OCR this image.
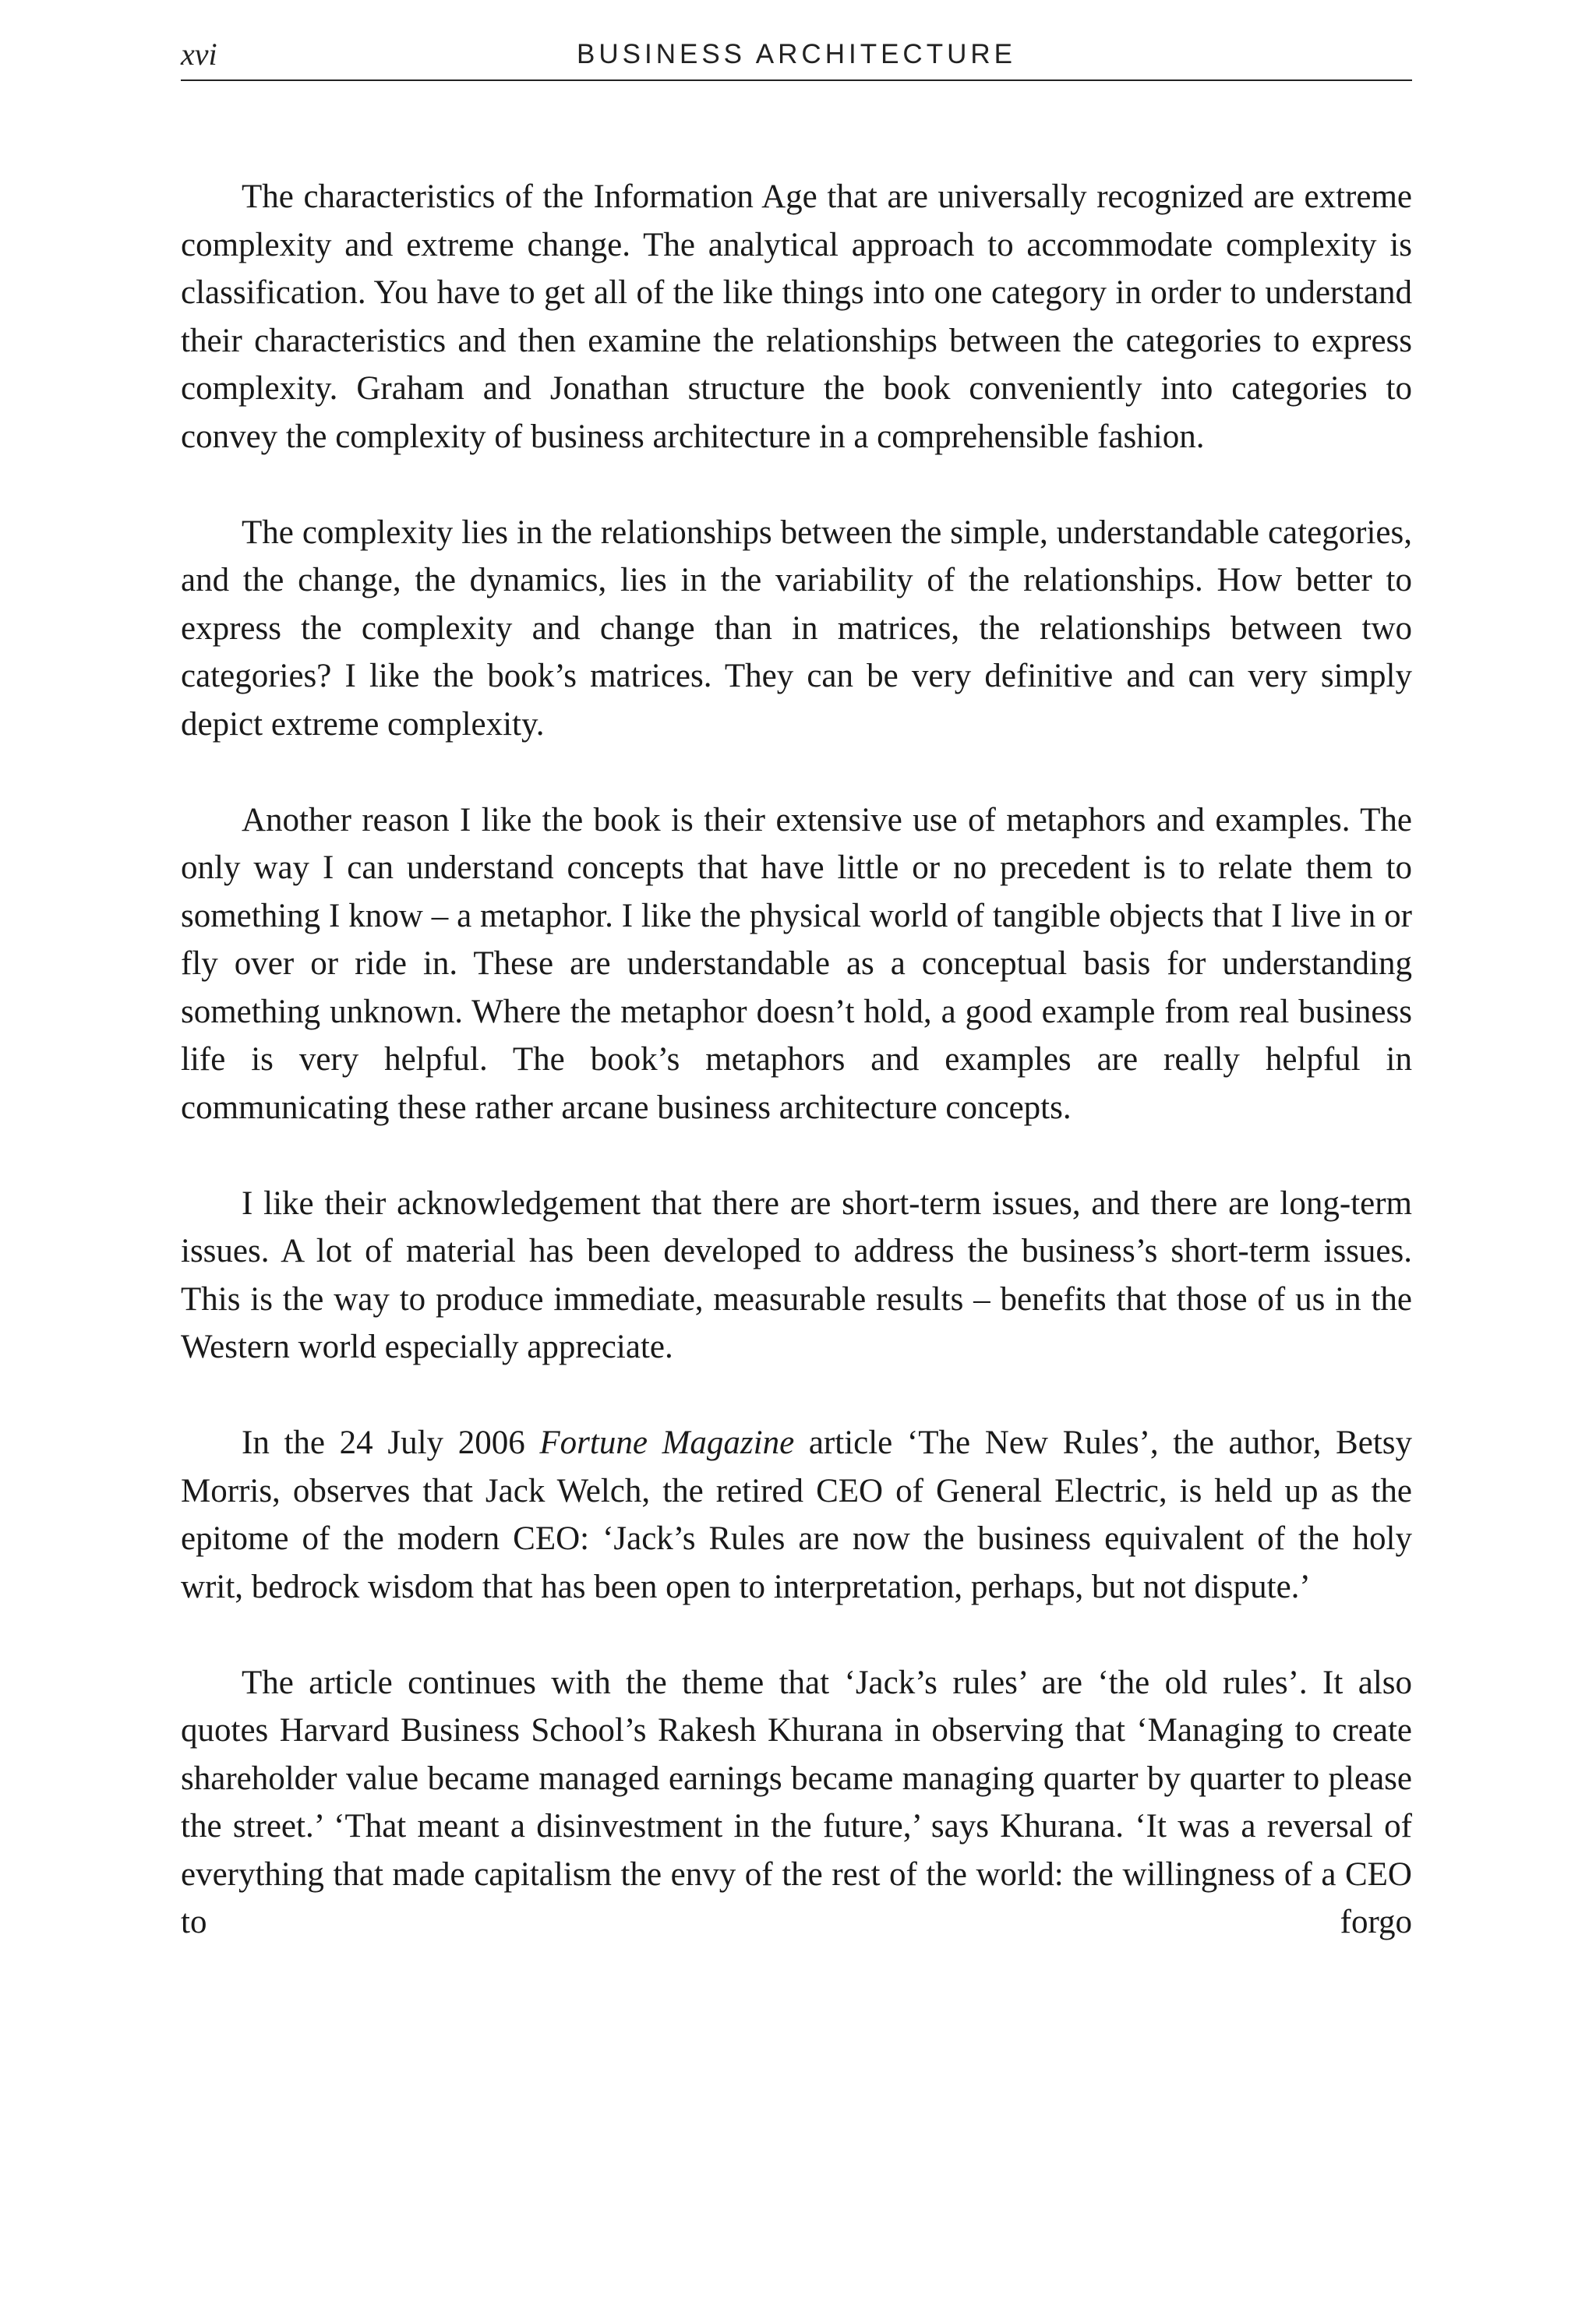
xvi	BUSINESS ARCHITECTURE

The characteristics of the Information Age that are universally recognized are extreme complexity and extreme change. The analytical approach to accommodate complexity is classification. You have to get all of the like things into one category in order to understand their characteristics and then examine the relationships between the categories to express complexity. Graham and Jonathan structure the book conveniently into categories to convey the complexity of business architecture in a comprehensible fashion.

The complexity lies in the relationships between the simple, understandable categories, and the change, the dynamics, lies in the variability of the relationships. How better to express the complexity and change than in matrices, the relationships between two categories? I like the book’s matrices. They can be very definitive and can very simply depict extreme complexity.

Another reason I like the book is their extensive use of metaphors and examples. The only way I can understand concepts that have little or no precedent is to relate them to something I know – a metaphor. I like the physical world of tangible objects that I live in or fly over or ride in. These are understandable as a conceptual basis for understanding something unknown. Where the metaphor doesn’t hold, a good example from real business life is very helpful. The book’s metaphors and examples are really helpful in communicating these rather arcane business architecture concepts.

I like their acknowledgement that there are short-term issues, and there are long-term issues. A lot of material has been developed to address the business’s short-term issues. This is the way to produce immediate, measurable results – benefits that those of us in the Western world especially appreciate.

In the 24 July 2006 Fortune Magazine article ‘The New Rules’, the author, Betsy Morris, observes that Jack Welch, the retired CEO of General Electric, is held up as the epitome of the modern CEO: ‘Jack’s Rules are now the business equivalent of the holy writ, bedrock wisdom that has been open to interpretation, perhaps, but not dispute.’

The article continues with the theme that ‘Jack’s rules’ are ‘the old rules’. It also quotes Harvard Business School’s Rakesh Khurana in observing that ‘Managing to create shareholder value became managed earnings became managing quarter by quarter to please the street.’ ‘That meant a disinvestment in the future,’ says Khurana. ‘It was a reversal of everything that made capitalism the envy of the rest of the world: the willingness of a CEO to forgo
